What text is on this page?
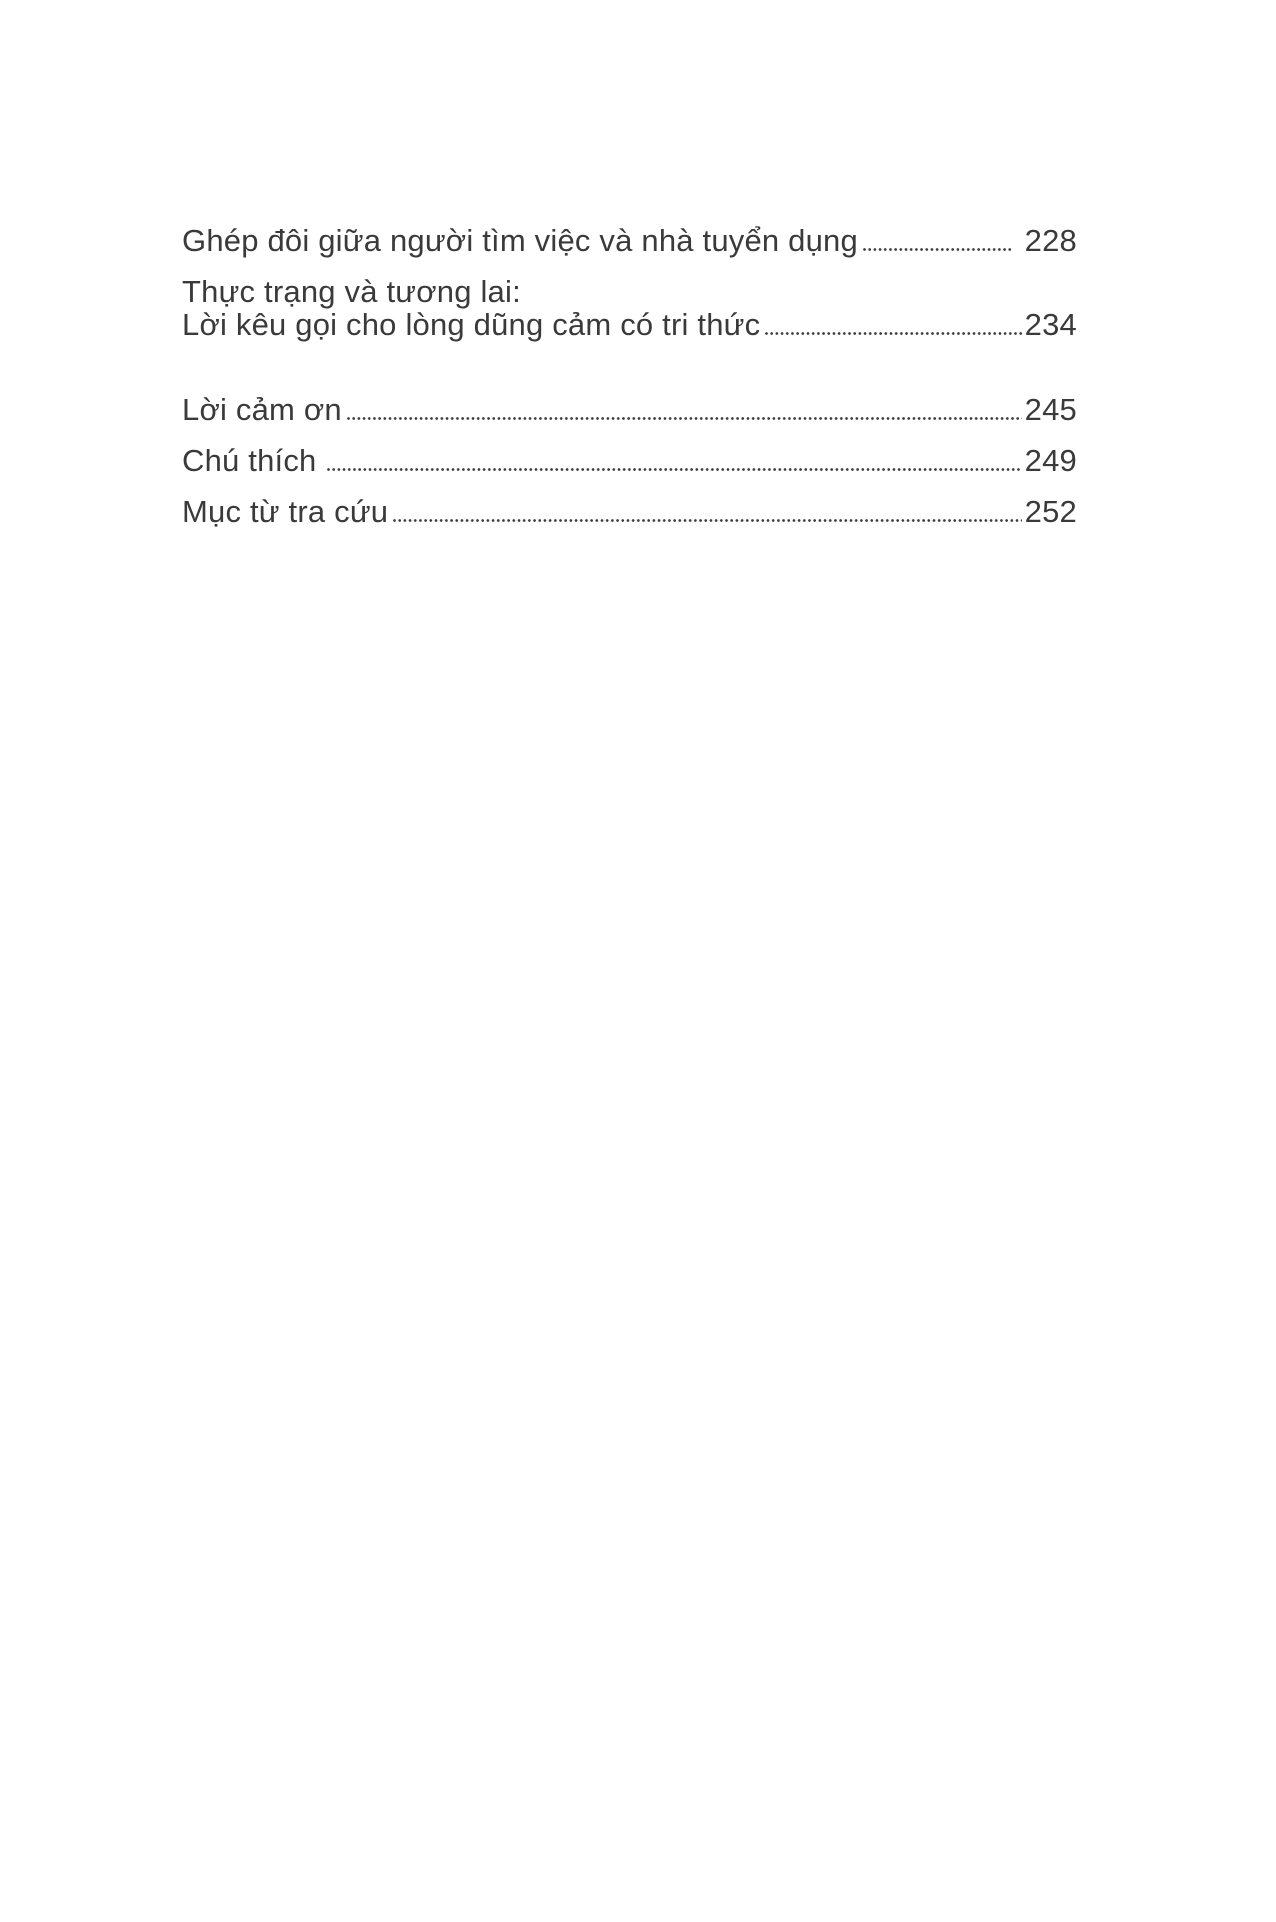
Ghép đôi giữa người tìm việc và nhà tuyển dụng	228
Thực trạng và tương lai:
Lời kêu gọi cho lòng dũng cảm có tri thức	234
Lời cảm ơn	245
Chú thích	249
Mục từ tra cứu	252
